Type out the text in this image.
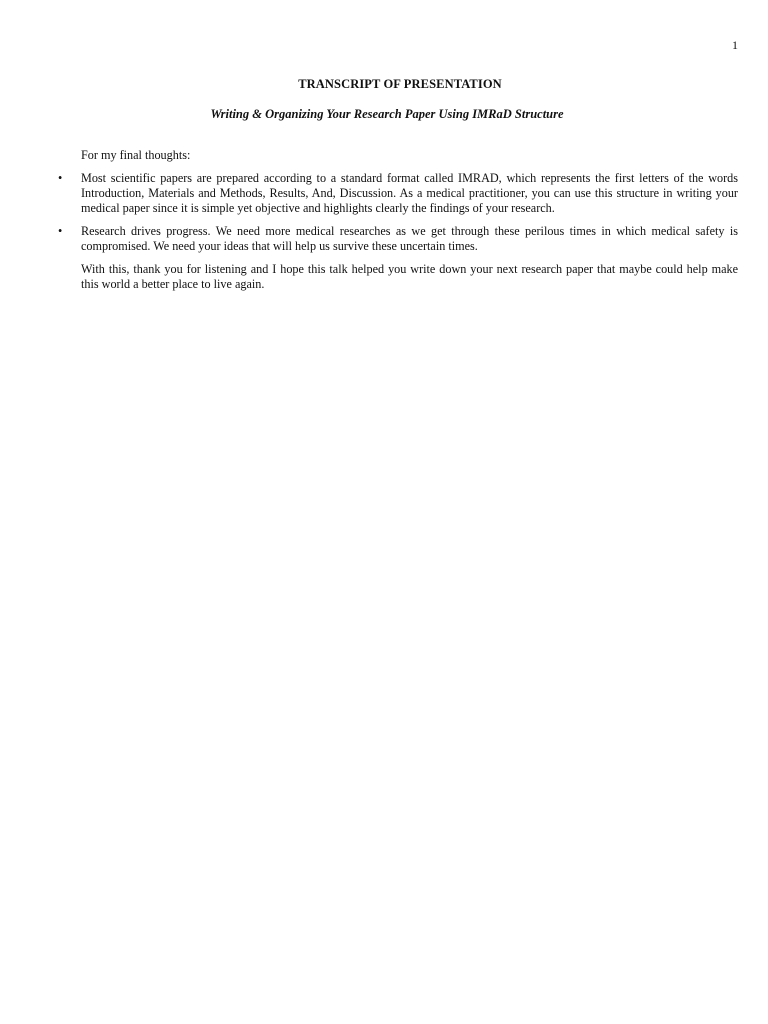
1
TRANSCRIPT OF PRESENTATION
Writing & Organizing Your Research Paper Using IMRaD Structure

For my final thoughts:

• Most scientific papers are prepared according to a standard format called IMRAD, which represents the first letters of the words Introduction, Materials and Methods, Results, And, Discussion. As a medical practitioner, you can use this structure in writing your medical paper since it is simple yet objective and highlights clearly the findings of your research.
• Research drives progress. We need more medical researches as we get through these perilous times in which medical safety is compromised. We need your ideas that will help us survive these uncertain times.

With this, thank you for listening and I hope this talk helped you write down your next research paper that maybe could help make this world a better place to live again.
